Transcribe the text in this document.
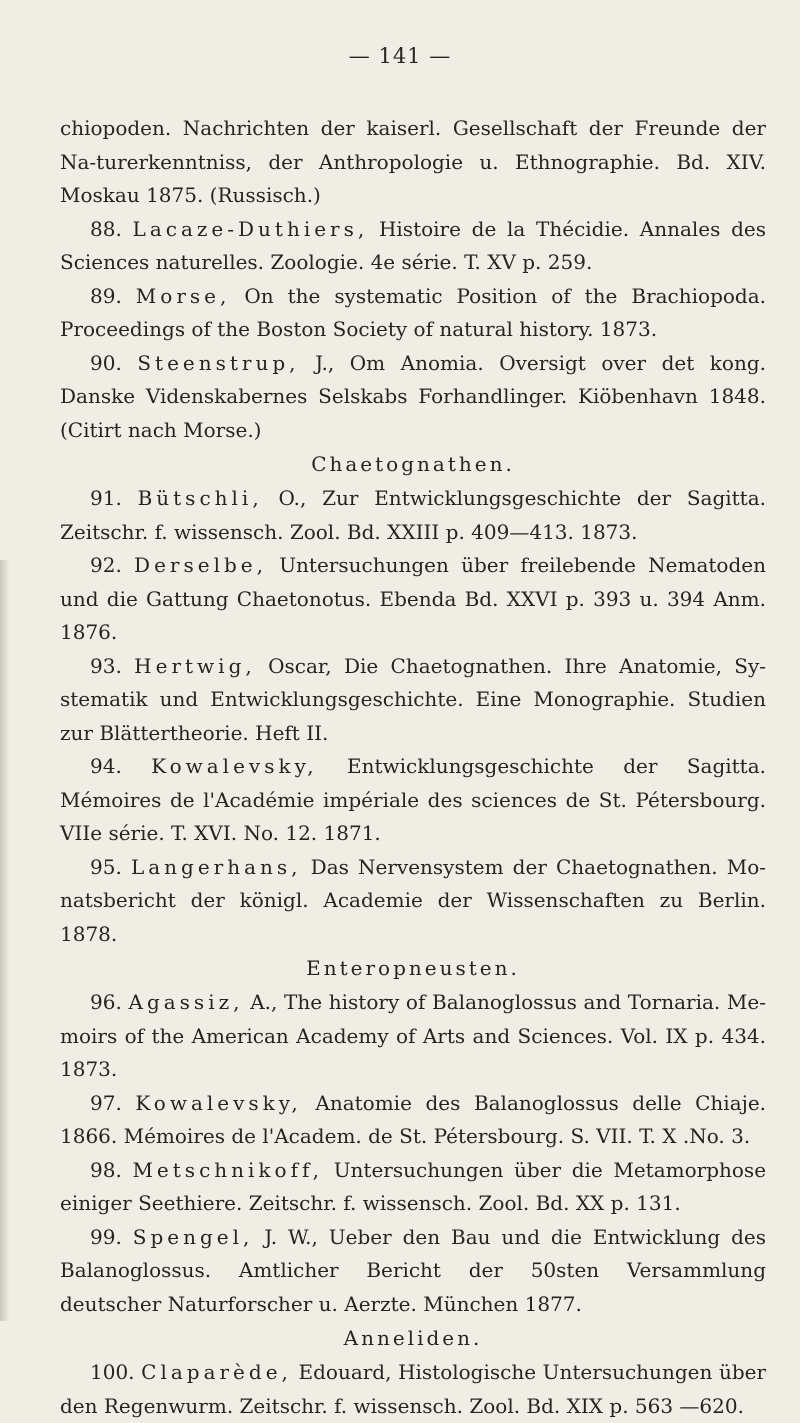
— 141 —

chiopoden. Nachrichten der kaiserl. Gesellschaft der Freunde der Na-turerkenntniss, der Anthropologie u. Ethnographie. Bd. XIV. Moskau 1875. (Russisch.)

88. Lacaze-Duthiers, Histoire de la Thécidie. Annales des Sciences naturelles. Zoologie. 4e série. T. XV p. 259.

89. Morse, On the systematic Position of the Brachiopoda. Proceedings of the Boston Society of natural history. 1873.

90. Steenstrup, J., Om Anomia. Oversigt over det kong. Danske Videnskabernes Selskabs Forhandlinger. Kiöbenhavn 1848. (Citirt nach Morse.)

Chaetognathen.

91. Bütschli, O., Zur Entwicklungsgeschichte der Sagitta. Zeitschr. f. wissensch. Zool. Bd. XXIII p. 409—413. 1873.

92. Derselbe, Untersuchungen über freilebende Nematoden und die Gattung Chaetonotus. Ebenda Bd. XXVI p. 393 u. 394 Anm. 1876.

93. Hertwig, Oscar, Die Chaetognathen. Ihre Anatomie, Sy-stematik und Entwicklungsgeschichte. Eine Monographie. Studien zur Blättertheorie. Heft II.

94. Kowalevsky, Entwicklungsgeschichte der Sagitta. Mémoires de l'Académie impériale des sciences de St. Pétersbourg. VIIe série. T. XVI. No. 12. 1871.

95. Langerhans, Das Nervensystem der Chaetognathen. Mo-natsbericht der königl. Academie der Wissenschaften zu Berlin. 1878.

Enteropneusten.

96. Agassiz, A., The history of Balanoglossus and Tornaria. Me-moirs of the American Academy of Arts and Sciences. Vol. IX p. 434. 1873.

97. Kowalevsky, Anatomie des Balanoglossus delle Chiaje. 1866. Mémoires de l'Academ. de St. Pétersbourg. S. VII. T. X .No. 3.

98. Metschnikoff, Untersuchungen über die Metamorphose einiger Seethiere. Zeitschr. f. wissensch. Zool. Bd. XX p. 131.

99. Spengel, J. W., Ueber den Bau und die Entwicklung des Balanoglossus. Amtlicher Bericht der 50sten Versammlung deutscher Naturforscher u. Aerzte. München 1877.

Anneliden.

100. Claparède, Edouard, Histologische Untersuchungen über den Regenwurm. Zeitschr. f. wissensch. Zool. Bd. XIX p. 563 —620.
